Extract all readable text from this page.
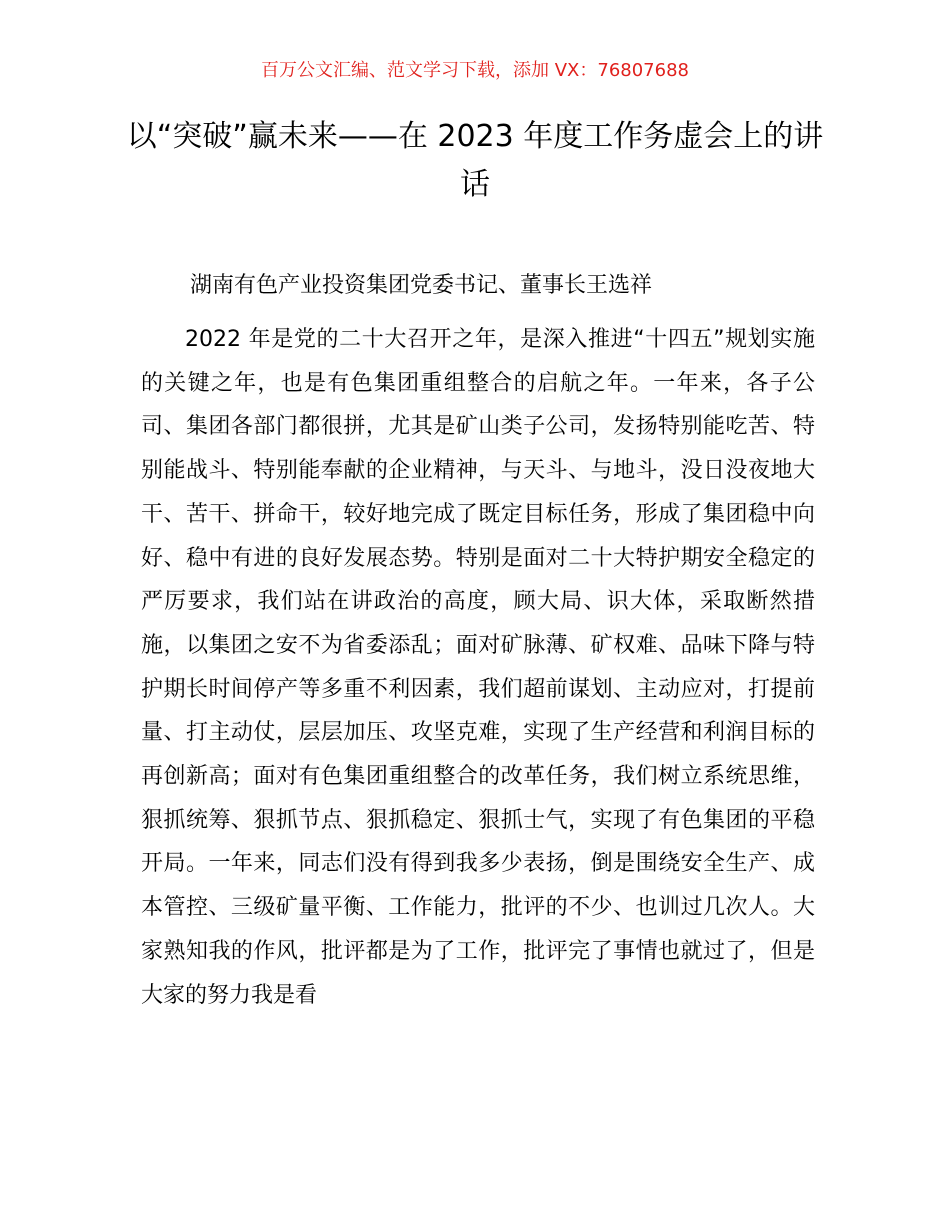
百万公文汇编、范文学习下载，添加 VX：76807688
以“突破”赢未来——在 2023 年度工作务虚会上的讲话

湖南有色产业投资集团党委书记、董事长王选祥

2022 年是党的二十大召开之年，是深入推进“十四五”规划实施的关键之年，也是有色集团重组整合的启航之年。一年来，各子公司、集团各部门都很拼，尤其是矿山类子公司，发扬特别能吃苦、特别能战斗、特别能奉献的企业精神，与天斗、与地斗，没日没夜地大干、苦干、拼命干，较好地完成了既定目标任务，形成了集团稳中向好、稳中有进的良好发展态势。特别是面对二十大特护期安全稳定的严厉要求，我们站在讲政治的高度，顾大局、识大体，采取断然措施，以集团之安不为省委添乱；面对矿脉薄、矿权难、品味下降与特护期长时间停产等多重不利因素，我们超前谋划、主动应对，打提前量、打主动仗，层层加压、攻坚克难，实现了生产经营和利润目标的再创新高；面对有色集团重组整合的改革任务，我们树立系统思维，狠抓统筹、狠抓节点、狠抓稳定、狠抓士气，实现了有色集团的平稳开局。一年来，同志们没有得到我多少表扬，倒是围绕安全生产、成本管控、三级矿量平衡、工作能力，批评的不少、也训过几次人。大家熟知我的作风，批评都是为了工作，批评完了事情也就过了，但是大家的努力我是看
